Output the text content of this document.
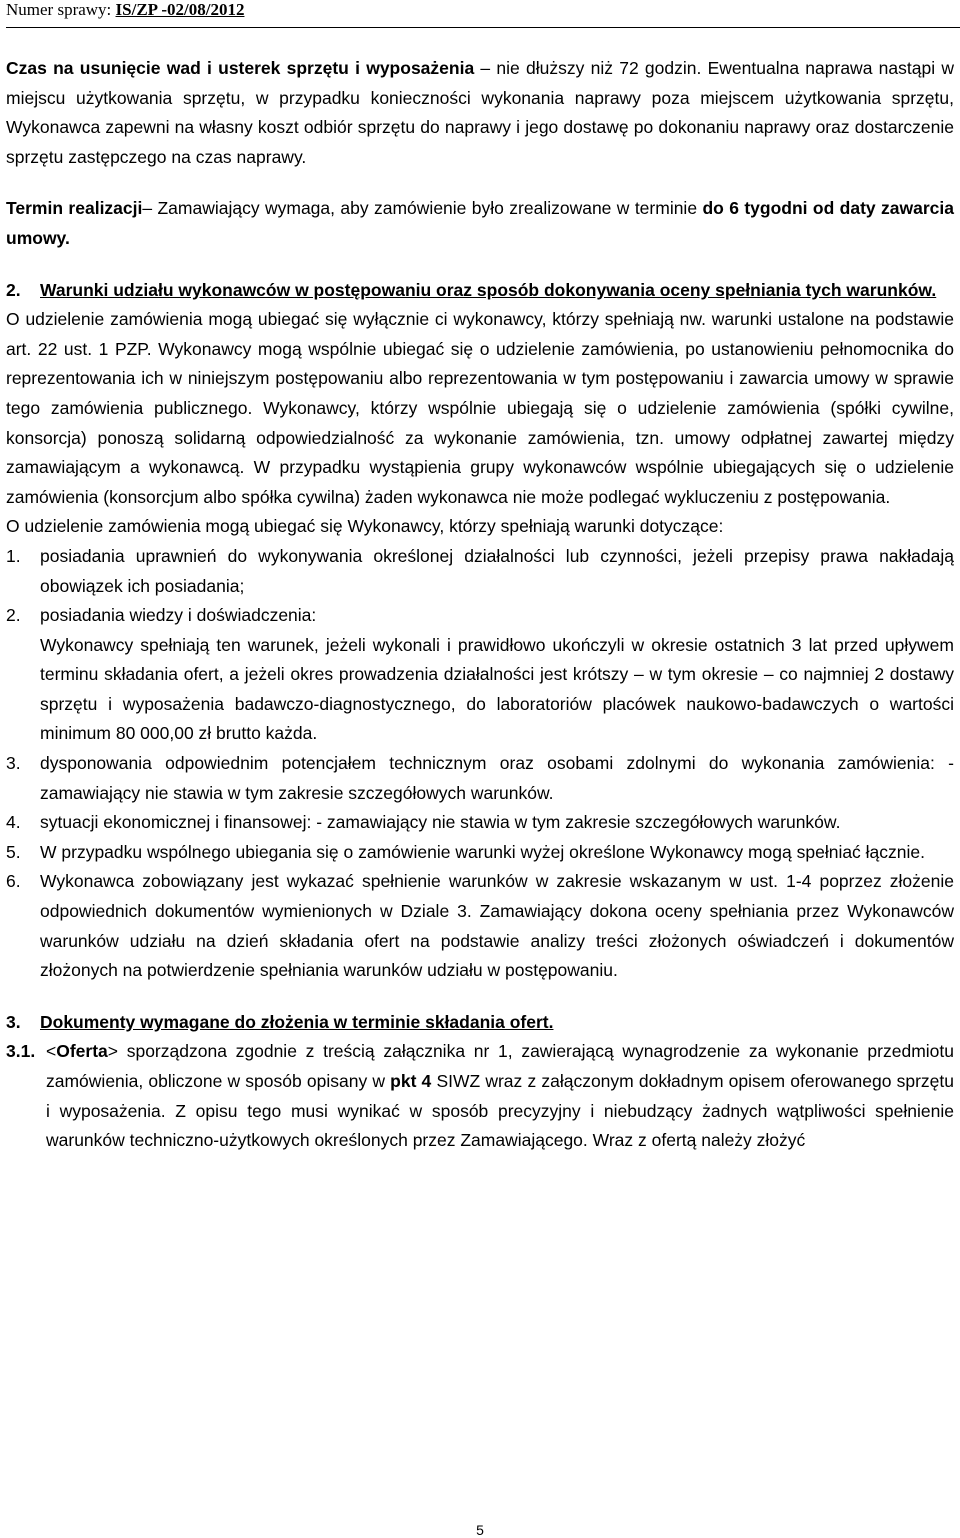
Numer sprawy: IS/ZP -02/08/2012

Czas na usunięcie wad i usterek sprzętu i wyposażenia – nie dłuższy niż 72 godzin. Ewentualna naprawa nastąpi w miejscu użytkowania sprzętu, w przypadku konieczności wykonania naprawy poza miejscem użytkowania sprzętu, Wykonawca zapewni na własny koszt odbiór sprzętu do naprawy i jego dostawę po dokonaniu naprawy oraz dostarczenie sprzętu zastępczego na czas naprawy.

Termin realizacji– Zamawiający wymaga, aby zamówienie było zrealizowane w terminie do 6 tygodni od daty zawarcia umowy.

2.	Warunki udziału wykonawców w postępowaniu oraz sposób dokonywania oceny spełniania tych warunków.

O udzielenie zamówienia mogą ubiegać się wyłącznie ci wykonawcy, którzy spełniają nw. warunki ustalone na podstawie art. 22 ust. 1 PZP. Wykonawcy mogą wspólnie ubiegać się o udzielenie zamówienia, po ustanowieniu pełnomocnika do reprezentowania ich w niniejszym postępowaniu albo reprezentowania w tym postępowaniu i zawarcia umowy w sprawie tego zamówienia publicznego. Wykonawcy, którzy wspólnie ubiegają się o udzielenie zamówienia (spółki cywilne, konsorcja) ponoszą solidarną odpowiedzialność za wykonanie zamówienia, tzn. umowy odpłatnej zawartej między zamawiającym a wykonawcą. W przypadku wystąpienia grupy wykonawców wspólnie ubiegających się o udzielenie zamówienia (konsorcjum albo spółka cywilna) żaden wykonawca nie może podlegać wykluczeniu z postępowania.

O udzielenie zamówienia mogą ubiegać się Wykonawcy, którzy spełniają warunki dotyczące:

1.	posiadania uprawnień do wykonywania określonej działalności lub czynności, jeżeli przepisy prawa nakładają obowiązek ich posiadania;
2.	posiadania wiedzy i doświadczenia:
Wykonawcy spełniają ten warunek, jeżeli wykonali i prawidłowo ukończyli w okresie ostatnich 3 lat przed upływem terminu składania ofert, a jeżeli okres prowadzenia działalności jest krótszy – w tym okresie – co najmniej 2 dostawy sprzętu i wyposażenia badawczo-diagnostycznego, do laboratoriów placówek naukowo-badawczych o wartości minimum 80 000,00 zł brutto każda.
3.	dysponowania odpowiednim potencjałem technicznym oraz osobami zdolnymi do wykonania zamówienia: - zamawiający nie stawia w tym zakresie szczegółowych warunków.
4.	sytuacji ekonomicznej i finansowej: - zamawiający nie stawia w tym zakresie szczegółowych warunków.
5.	W przypadku wspólnego ubiegania się o zamówienie warunki wyżej określone Wykonawcy mogą spełniać łącznie.
6.	Wykonawca zobowiązany jest wykazać spełnienie warunków w zakresie wskazanym w ust. 1-4 poprzez złożenie odpowiednich dokumentów wymienionych w Dziale 3. Zamawiający dokona oceny spełniania przez Wykonawców warunków udziału na dzień składania ofert na podstawie analizy treści złożonych oświadczeń i dokumentów złożonych na potwierdzenie spełniania warunków udziału w postępowaniu.
3.	Dokumenty wymagane do złożenia w terminie składania ofert.
3.1. <Oferta> sporządzona zgodnie z treścią załącznika nr 1, zawierającą wynagrodzenie za wykonanie przedmiotu zamówienia, obliczone w sposób opisany w pkt 4 SIWZ wraz z załączonym dokładnym opisem oferowanego sprzętu i wyposażenia. Z opisu tego musi wynikać w sposób precyzyjny i niebudzący żadnych wątpliwości spełnienie warunków techniczno-użytkowych określonych przez Zamawiającego. Wraz z ofertą należy złożyć
5
